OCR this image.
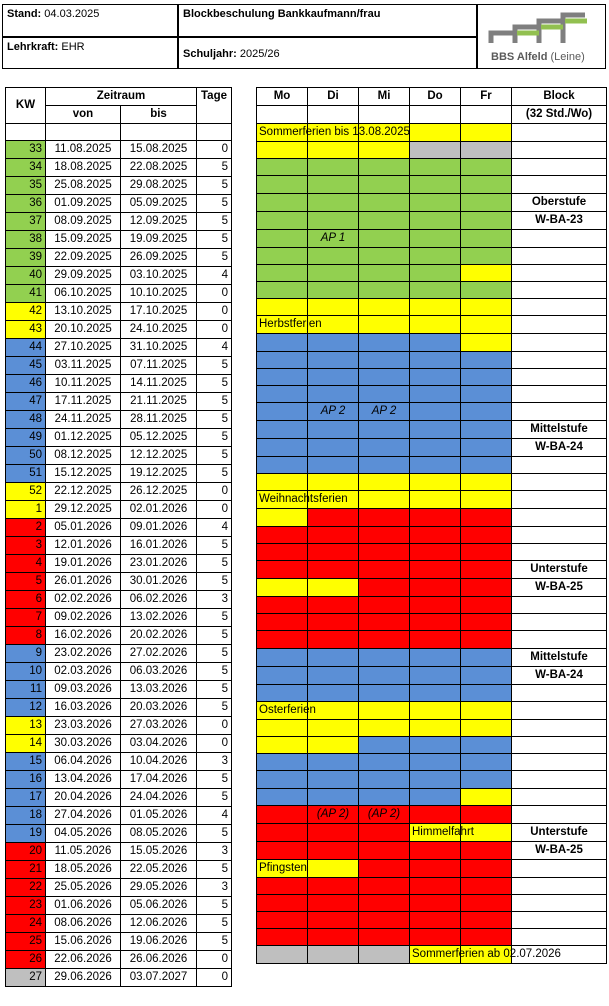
Stand: 04.03.2025
Lehrkraft: EHR
Blockbeschulung Bankkaufmann/frau
Schuljahr: 2025/26	BBS Alfeld (Leine)
KW	Zeitraum		Tage
	von	bis	

33	11.08.2025	15.08.2025	0
34	18.08.2025	22.08.2025	5
35	25.08.2025	29.08.2025	5
36	01.09.2025	05.09.2025	5
37	08.09.2025	12.09.2025	5
38	15.09.2025	19.09.2025	5
39	22.09.2025	26.09.2025	5
40	29.09.2025	03.10.2025	4
41	06.10.2025	10.10.2025	0
42	13.10.2025	17.10.2025	0
43	20.10.2025	24.10.2025	0
44	27.10.2025	31.10.2025	4
45	03.11.2025	07.11.2025	5
46	10.11.2025	14.11.2025	5
47	17.11.2025	21.11.2025	5
48	24.11.2025	28.11.2025	5
49	01.12.2025	05.12.2025	5
50	08.12.2025	12.12.2025	5
51	15.12.2025	19.12.2025	5
52	22.12.2025	26.12.2025	0
1	29.12.2025	02.01.2026	0
2	05.01.2026	09.01.2026	4
3	12.01.2026	16.01.2026	5
4	19.01.2026	23.01.2026	5
5	26.01.2026	30.01.2026	5
6	02.02.2026	06.02.2026	3
7	09.02.2026	13.02.2026	5
8	16.02.2026	20.02.2026	5
9	23.02.2026	27.02.2026	5
10	02.03.2026	06.03.2026	5
11	09.03.2026	13.03.2026	5
12	16.03.2026	20.03.2026	5
13	23.03.2026	27.03.2026	0
14	30.03.2026	03.04.2026	0
15	06.04.2026	10.04.2026	3
16	13.04.2026	17.04.2026	5
17	20.04.2026	24.04.2026	5
18	27.04.2026	01.05.2026	4
19	04.05.2026	08.05.2026	5
20	11.05.2026	15.05.2026	3
21	18.05.2026	22.05.2026	5
22	25.05.2026	29.05.2026	3
23	01.06.2026	05.06.2026	5
24	08.06.2026	12.06.2026	5
25	15.06.2026	19.06.2026	5
26	22.06.2026	26.06.2026	0
27	29.06.2026	03.07.2027	0
Mo	Di	Mi	Do	Fr	Block
					(32 Std./Wo)
Sommerferien bis 13.08.2025					

					Oberstufe
					W-BA-23
	AP 1				

Herbstferien					

	AP 2	AP 2			
					Mittelstufe
					W-BA-24

Weihnachtsferien					

					Unterstufe
					W-BA-25

					Mittelstufe
					W-BA-24

Osterferien					

	(AP 2)	(AP 2)			
			Himmelfahrt		Unterstufe
					W-BA-25
Pfingsten					

			Sommerferien ab 02.07.2026		
